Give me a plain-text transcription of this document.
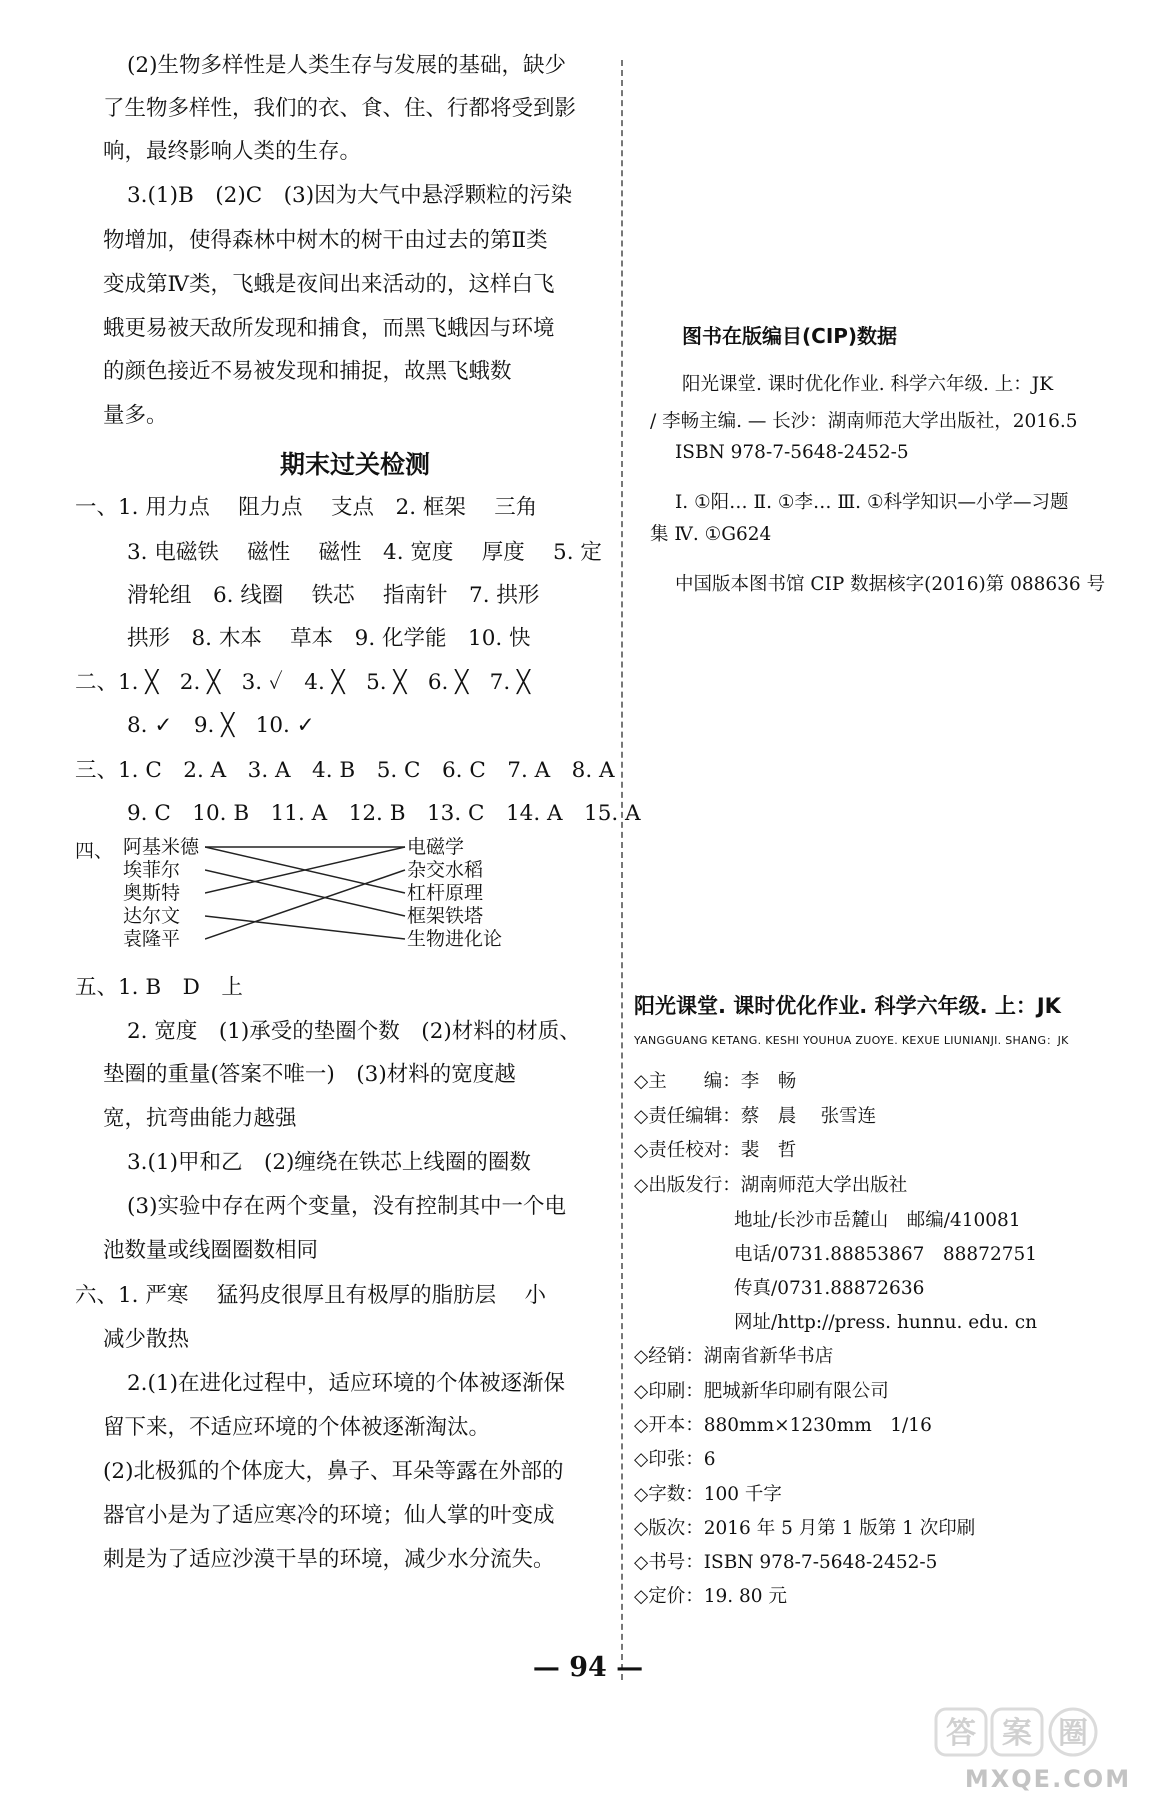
(2)生物多样性是人类生存与发展的基础，缺少
了生物多样性，我们的衣、食、住、行都将受到影
响，最终影响人类的生存。
3.(1)B　(2)C　(3)因为大气中悬浮颗粒的污染
物增加，使得森林中树木的树干由过去的第Ⅱ类
变成第Ⅳ类，飞蛾是夜间出来活动的，这样白飞
蛾更易被天敌所发现和捕食，而黑飞蛾因与环境
的颜色接近不易被发现和捕捉，故黑飞蛾数
量多。
期末过关检测
一、1. 用力点　 阻力点　 支点　2. 框架　 三角
3. 电磁铁　 磁性　 磁性　4. 宽度　 厚度　 5. 定
滑轮组　6. 线圈　 铁芯　 指南针　7. 拱形
拱形　8. 木本　 草本　9. 化学能　10. 快
二、1. ╳　2. ╳　3. ✓　4. ╳　5. ╳　6. ╳　7. ╳
8. ✓　9. ╳　10. ✓
三、1. C　2. A　3. A　4. B　5. C　6. C　7. A　8. A
9. C　10. B　11. A　12. B　13. C　14. A　15. A
四、 阿基米德
埃菲尔
奥斯特
达尔文
袁隆平
电磁学
杂交水稻
杠杆原理
框架铁塔
生物进化论
五、1. B　D　上
2. 宽度　(1)承受的垫圈个数　(2)材料的材质、
垫圈的重量(答案不唯一)　(3)材料的宽度越
宽，抗弯曲能力越强
3.(1)甲和乙　(2)缠绕在铁芯上线圈的圈数
(3)实验中存在两个变量，没有控制其中一个电
池数量或线圈圈数相同
六、1. 严寒　 猛犸皮很厚且有极厚的脂肪层　 小
减少散热
2.(1)在进化过程中，适应环境的个体被逐渐保
留下来，不适应环境的个体被逐渐淘汰。
(2)北极狐的个体庞大，鼻子、耳朵等露在外部的
器官小是为了适应寒冷的环境；仙人掌的叶变成
刺是为了适应沙漠干旱的环境，减少水分流失。
图书在版编目(CIP)数据
阳光课堂. 课时优化作业. 科学六年级. 上：JK
/ 李畅主编. — 长沙：湖南师范大学出版社，2016.5
ISBN 978-7-5648-2452-5
Ⅰ. ①阳… Ⅱ. ①李… Ⅲ. ①科学知识—小学—习题
集 Ⅳ. ①G624
中国版本图书馆 CIP 数据核字(2016)第 088636 号
阳光课堂. 课时优化作业. 科学六年级. 上：JK
YANGGUANG KETANG. KESHI YOUHUA ZUOYE. KEXUE LIUNIANJI. SHANG：JK
◇主　　编：李　畅
◇责任编辑：蔡　晨　 张雪连
◇责任校对：裴　哲
◇出版发行：湖南师范大学出版社
地址/长沙市岳麓山　邮编/410081
电话/0731.88853867　88872751
传真/0731.88872636
网址/http://press. hunnu. edu. cn
◇经销：湖南省新华书店
◇印刷：肥城新华印刷有限公司
◇开本：880mm×1230mm　1/16
◇印张：6
◇字数：100 千字
◇版次：2016 年 5 月第 1 版第 1 次印刷
◇书号：ISBN 978-7-5648-2452-5
◇定价：19. 80 元
— 94 —
答 案 圈
MXQE.COM
